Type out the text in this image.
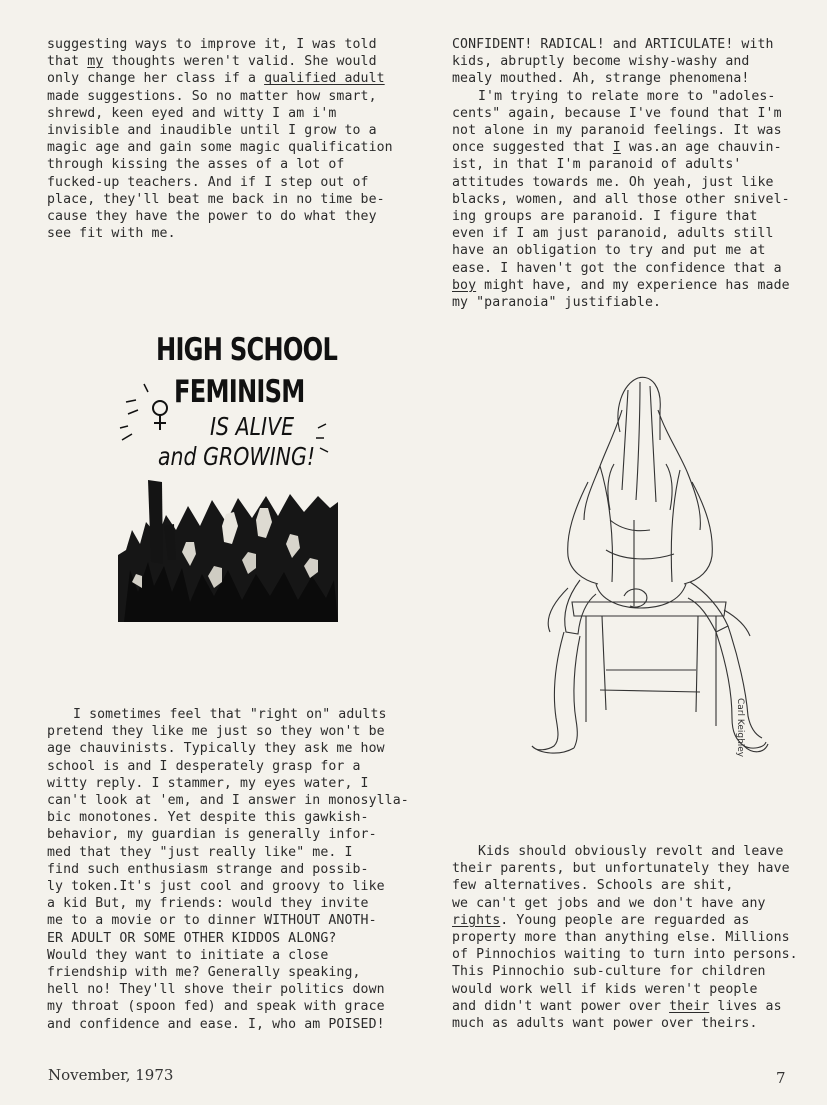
suggesting ways to improve it, I was told
that my thoughts weren't valid. She would
only change her class if a qualified adult
made suggestions. So no matter how smart,
shrewd, keen eyed and witty I am i'm
invisible and inaudible until I grow to a
magic age and gain some magic qualification
through kissing the asses of a lot of
fucked-up teachers. And if I step out of
place, they'll beat me back in no time be-
cause they have the power to do what they
see fit with me.

CONFIDENT! RADICAL! and ARTICULATE! with
kids, abruptly become wishy-washy and
mealy mouthed. Ah, strange phenomena!

I'm trying to relate more to "adoles-
cents" again, because I've found that I'm
not alone in my paranoid feelings. It was
once suggested that I was.an age chauvin-
ist, in that I'm paranoid of adults'
attitudes towards me. Oh yeah, just like
blacks, women, and all those other snivel-
ing groups are paranoid. I figure that
even if I am just paranoid, adults still
have an obligation to try and put me at
ease. I haven't got the confidence that a
boy might have, and my experience has made
my "paranoia" justifiable.

HIGH SCHOOL
FEMINISM
IS ALIVE
and GROWING!
Carl Keighley

I sometimes feel that "right on" adults
pretend they like me just so they won't be
age chauvinists. Typically they ask me how
school is and I desperately grasp for a
witty reply. I stammer, my eyes water, I
can't look at 'em, and I answer in monosylla-
bic monotones. Yet despite this gawkish-
behavior, my guardian is generally infor-
med that they "just really like" me. I
find such enthusiasm strange and possib-
ly token.It's just cool and groovy to like
a kid But, my friends: would they invite
me to a movie or to dinner WITHOUT ANOTH-
ER ADULT OR SOME OTHER KIDDOS ALONG?
Would they want to initiate a close
friendship with me? Generally speaking,
hell no! They'll shove their politics down
my throat (spoon fed) and speak with grace
and confidence and ease. I, who am POISED!

Kids should obviously revolt and leave
their parents, but unfortunately they have
few alternatives. Schools are shit,
we can't get jobs and we don't have any
rights. Young people are reguarded as
property more than anything else. Millions
of Pinnochios waiting to turn into persons.
This Pinnochio sub-culture for children
would work well if kids weren't people
and didn't want power over their lives as
much as adults want power over theirs.

November, 1973	7
